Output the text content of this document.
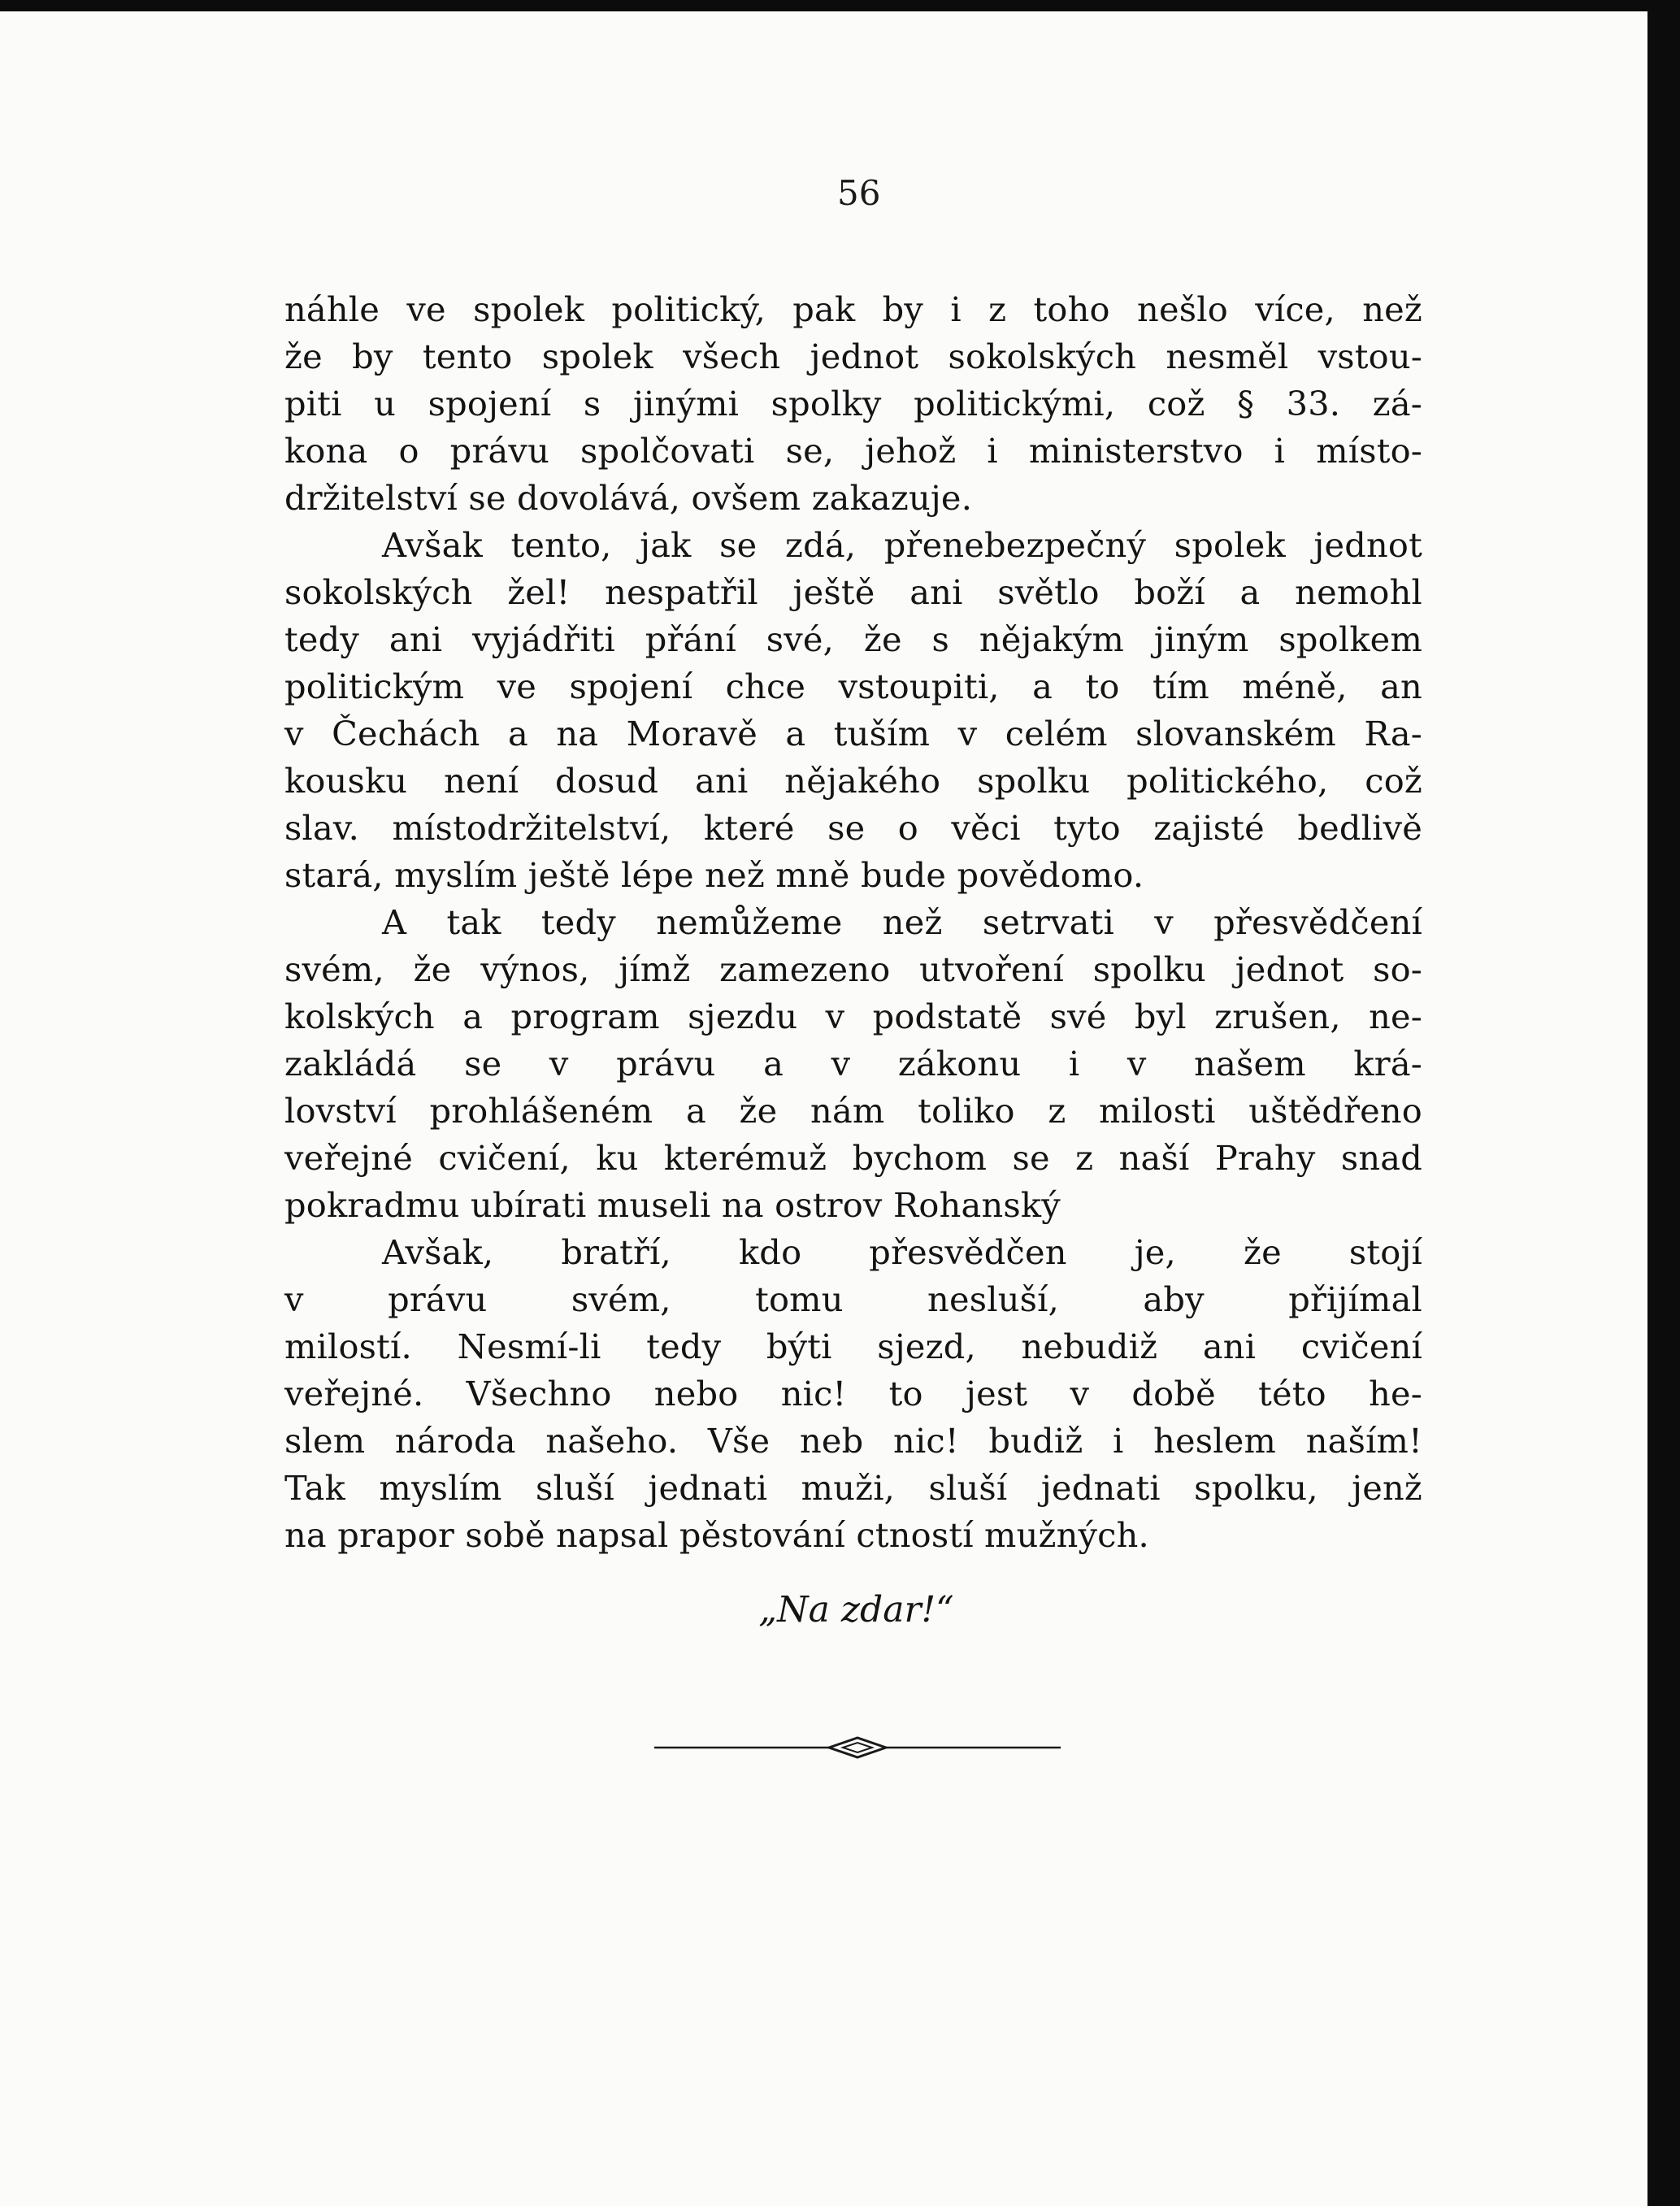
56
náhle ve spolek politický, pak by i z toho nešlo více, než
že by tento spolek všech jednot sokolských nesměl vstou-
piti u spojení s jinými spolky politickými, což § 33. zá-
kona o právu spolčovati se, jehož i ministerstvo i místo-
držitelství se dovolává, ovšem zakazuje.
Avšak tento, jak se zdá, přenebezpečný spolek jednot
sokolských žel! nespatřil ještě ani světlo boží a nemohl
tedy ani vyjádřiti přání své, že s nějakým jiným spolkem
politickým ve spojení chce vstoupiti, a to tím méně, an
v Čechách a na Moravě a tuším v celém slovanském Ra-
kousku není dosud ani nějakého spolku politického, což
slav. místodržitelství, které se o věci tyto zajisté bedlivě
stará, myslím ještě lépe než mně bude povědomo.
A tak tedy nemůžeme než setrvati v přesvědčení
svém, že výnos, jímž zamezeno utvoření spolku jednot so-
kolských a program sjezdu v podstatě své byl zrušen, ne-
zakládá se v právu a v zákonu i v našem krá-
lovství prohlášeném a že nám toliko z milosti uštědřeno
veřejné cvičení, ku kterémuž bychom se z naší Prahy snad
pokradmu ubírati museli na ostrov Rohanský
Avšak, bratří, kdo přesvědčen je, že stojí
v právu svém, tomu nesluší, aby přijímal
milostí. Nesmí-li tedy býti sjezd, nebudiž ani cvičení
veřejné. Všechno nebo nic! to jest v době této he-
slem národa našeho. Vše neb nic! budiž i heslem naším!
Tak myslím sluší jednati muži, sluší jednati spolku, jenž
na prapor sobě napsal pěstování ctností mužných.
„Na zdar!“
